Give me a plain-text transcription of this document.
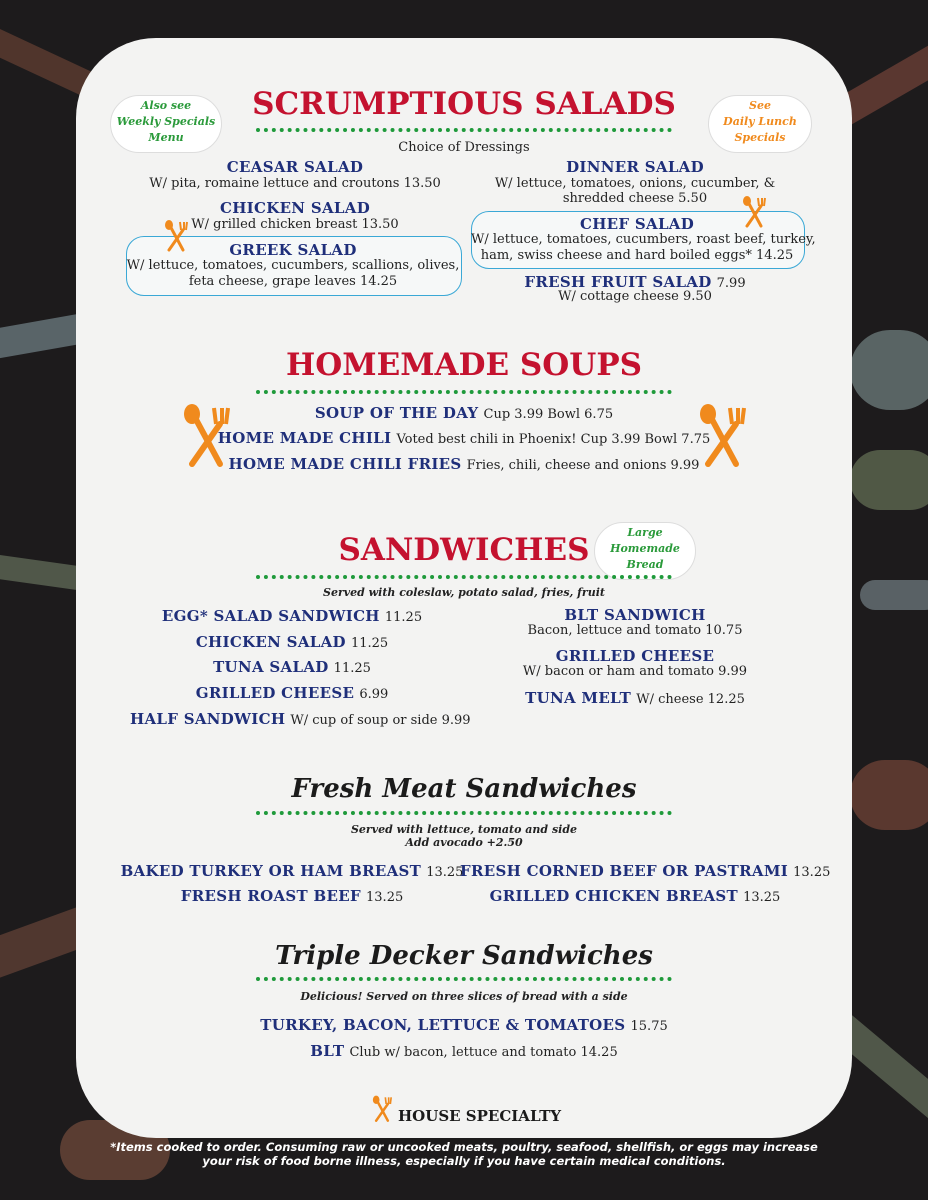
Also see
Weekly Specials
Menu
See
Daily Lunch
Specials
SCRUMPTIOUS SALADS
Choice of Dressings
CEASAR SALAD
W/ pita, romaine lettuce and croutons 13.50
CHICKEN SALAD
W/ grilled chicken breast 13.50
GREEK SALAD
W/ lettuce, tomatoes, cucumbers, scallions, olives,
feta cheese, grape leaves 14.25
DINNER SALAD
W/ lettuce, tomatoes, onions, cucumber, &
shredded cheese 5.50
CHEF SALAD
W/ lettuce, tomatoes, cucumbers, roast beef, turkey,
ham, swiss cheese and hard boiled eggs* 14.25
FRESH FRUIT SALAD 7.99
W/ cottage cheese 9.50
HOMEMADE SOUPS
SOUP OF THE DAY Cup 3.99 Bowl 6.75
HOME MADE CHILI Voted best chili in Phoenix! Cup 3.99 Bowl 7.75
HOME MADE CHILI FRIES Fries, chili, cheese and onions 9.99
SANDWICHES	Large
Homemade
Bread
Served with coleslaw, potato salad, fries, fruit
EGG* SALAD SANDWICH 11.25
CHICKEN SALAD 11.25
TUNA SALAD 11.25
GRILLED CHEESE 6.99
HALF SANDWICH W/ cup of soup or side 9.99
BLT SANDWICH
Bacon, lettuce and tomato 10.75
GRILLED CHEESE
W/ bacon or ham and tomato 9.99
TUNA MELT W/ cheese 12.25
Fresh Meat Sandwiches
Served with lettuce, tomato and side
Add avocado +2.50
BAKED TURKEY OR HAM BREAST 13.25
FRESH ROAST BEEF 13.25
FRESH CORNED BEEF OR PASTRAMI 13.25
GRILLED CHICKEN BREAST 13.25
Triple Decker Sandwiches
Delicious! Served on three slices of bread with a side
TURKEY, BACON, LETTUCE & TOMATOES 15.75
BLT Club w/ bacon, lettuce and tomato 14.25
HOUSE SPECIALTY
*Items cooked to order. Consuming raw or uncooked meats, poultry, seafood, shellfish, or eggs may increase
your risk of food borne illness, especially if you have certain medical conditions.
